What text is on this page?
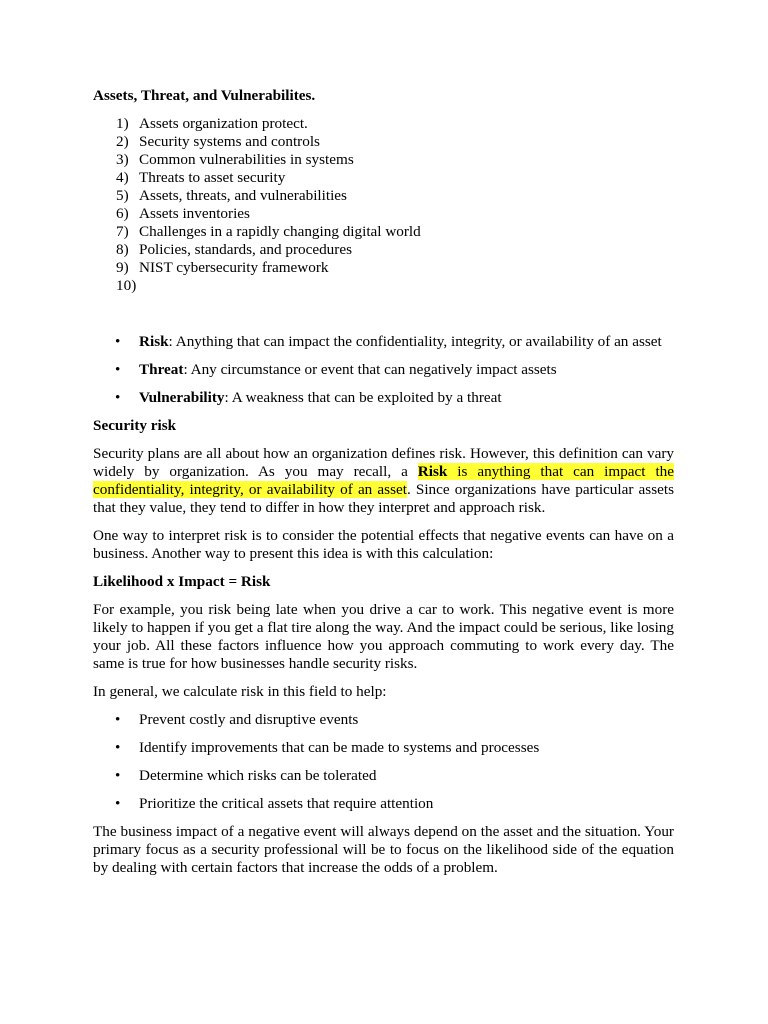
Assets, Threat, and Vulnerabilites.
1) Assets organization protect.
2) Security systems and controls
3) Common vulnerabilities in systems
4) Threats to asset security
5) Assets, threats, and vulnerabilities
6) Assets inventories
7) Challenges in a rapidly changing digital world
8) Policies, standards, and procedures
9) NIST cybersecurity framework
10)
• Risk: Anything that can impact the confidentiality, integrity, or availability of an asset
• Threat: Any circumstance or event that can negatively impact assets
• Vulnerability: A weakness that can be exploited by a threat
Security risk

Security plans are all about how an organization defines risk. However, this definition can vary widely by organization. As you may recall, a Risk is anything that can impact the confidentiality, integrity, or availability of an asset. Since organizations have particular assets that they value, they tend to differ in how they interpret and approach risk.

One way to interpret risk is to consider the potential effects that negative events can have on a business. Another way to present this idea is with this calculation:

Likelihood x Impact = Risk

For example, you risk being late when you drive a car to work. This negative event is more likely to happen if you get a flat tire along the way. And the impact could be serious, like losing your job. All these factors influence how you approach commuting to work every day. The same is true for how businesses handle security risks.

In general, we calculate risk in this field to help:

• Prevent costly and disruptive events
• Identify improvements that can be made to systems and processes
• Determine which risks can be tolerated
• Prioritize the critical assets that require attention

The business impact of a negative event will always depend on the asset and the situation. Your primary focus as a security professional will be to focus on the likelihood side of the equation by dealing with certain factors that increase the odds of a problem.
